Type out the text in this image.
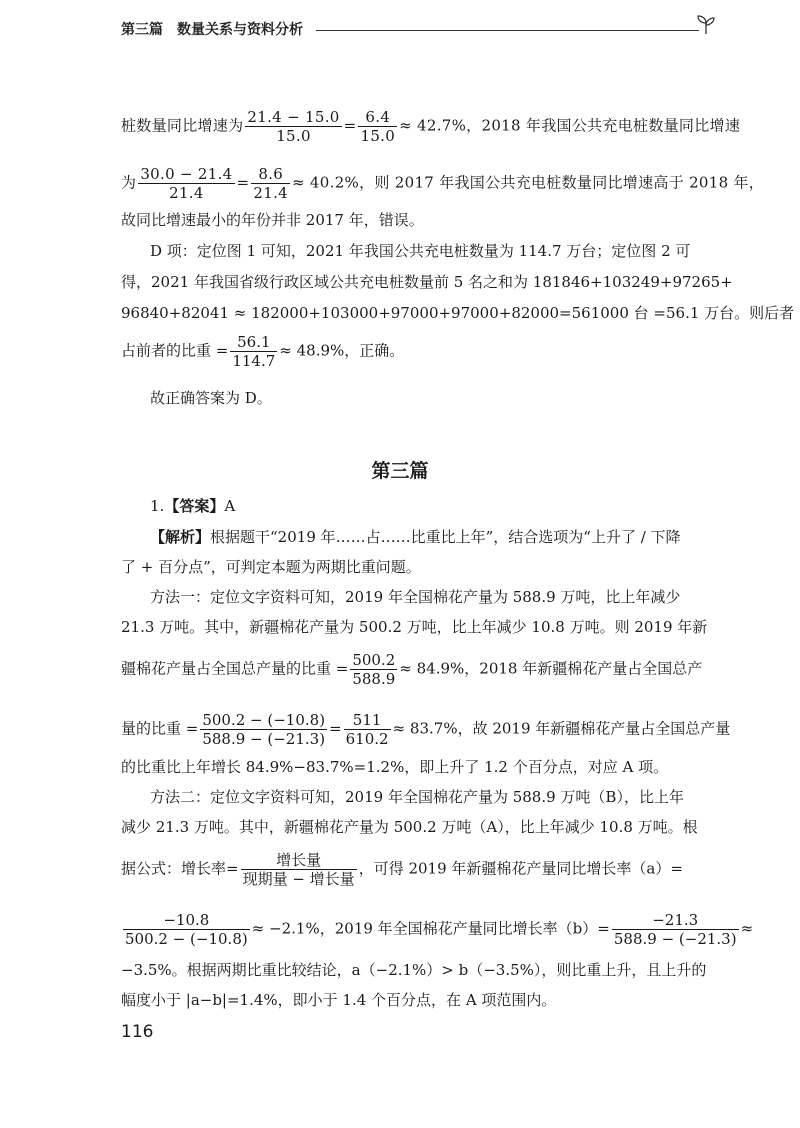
第三篇 数量关系与资料分析
桩数量同比增速为 $\frac{21.4 - 15.0}{15.0} = \frac{6.4}{15.0} \approx 42.7\%$，2018 年我国公共充电桩数量同比增速
为 $\frac{30.0 - 21.4}{21.4} = \frac{8.6}{21.4} \approx 40.2\%$，则 2017 年我国公共充电桩数量同比增速高于 2018 年，
故同比增速最小的年份并非 2017 年，错误。
D 项：定位图 1 可知，2021 年我国公共充电桩数量为 114.7 万台；定位图 2 可
得，2021 年我国省级行政区域公共充电桩数量前 5 名之和为 181846+103249+97265+
96840+82041 ≈ 182000+103000+97000+97000+82000=561000 台 =56.1 万台。则后者
占前者的比重 = $\frac{56.1}{114.7} \approx 48.9\%$，正确。
故正确答案为 D。
第三篇
1.【答案】A
【解析】根据题干“2019 年……占……比重比上年”，结合选项为“上升了 / 下降
了 + 百分点”，可判定本题为两期比重问题。
方法一：定位文字资料可知，2019 年全国棉花产量为 588.9 万吨，比上年减少
21.3 万吨。其中，新疆棉花产量为 500.2 万吨，比上年减少 10.8 万吨。则 2019 年新
疆棉花产量占全国总产量的比重 = $\frac{500.2}{588.9} \approx 84.9\%$，2018 年新疆棉花产量占全国总产
量的比重 = $\frac{500.2 - (-10.8)}{588.9 - (-21.3)} = \frac{511}{610.2} \approx 83.7\%$，故 2019 年新疆棉花产量占全国总产量
的比重比上年增长 84.9%−83.7%=1.2%，即上升了 1.2 个百分点，对应 A 项。
方法二：定位文字资料可知，2019 年全国棉花产量为 588.9 万吨（B），比上年
减少 21.3 万吨。其中，新疆棉花产量为 500.2 万吨（A），比上年减少 10.8 万吨。根
据公式：增长率= $\frac{\text{增长量}}{\text{现期量 − 增长量}}$ ，可得 2019 年新疆棉花产量同比增长率（a）=
$\frac{-10.8}{500.2 - (-10.8)} \approx -2.1\%$，2019 年全国棉花产量同比增长率$(b)= \frac{-21.3}{588.9 - (-21.3)}$ ≈
−3.5%。根据两期比重比较结论，a（−2.1%）> b（−3.5%），则比重上升，且上升的
幅度小于 |a−b|=1.4%，即小于 1.4 个百分点，在 A 项范围内。
116
